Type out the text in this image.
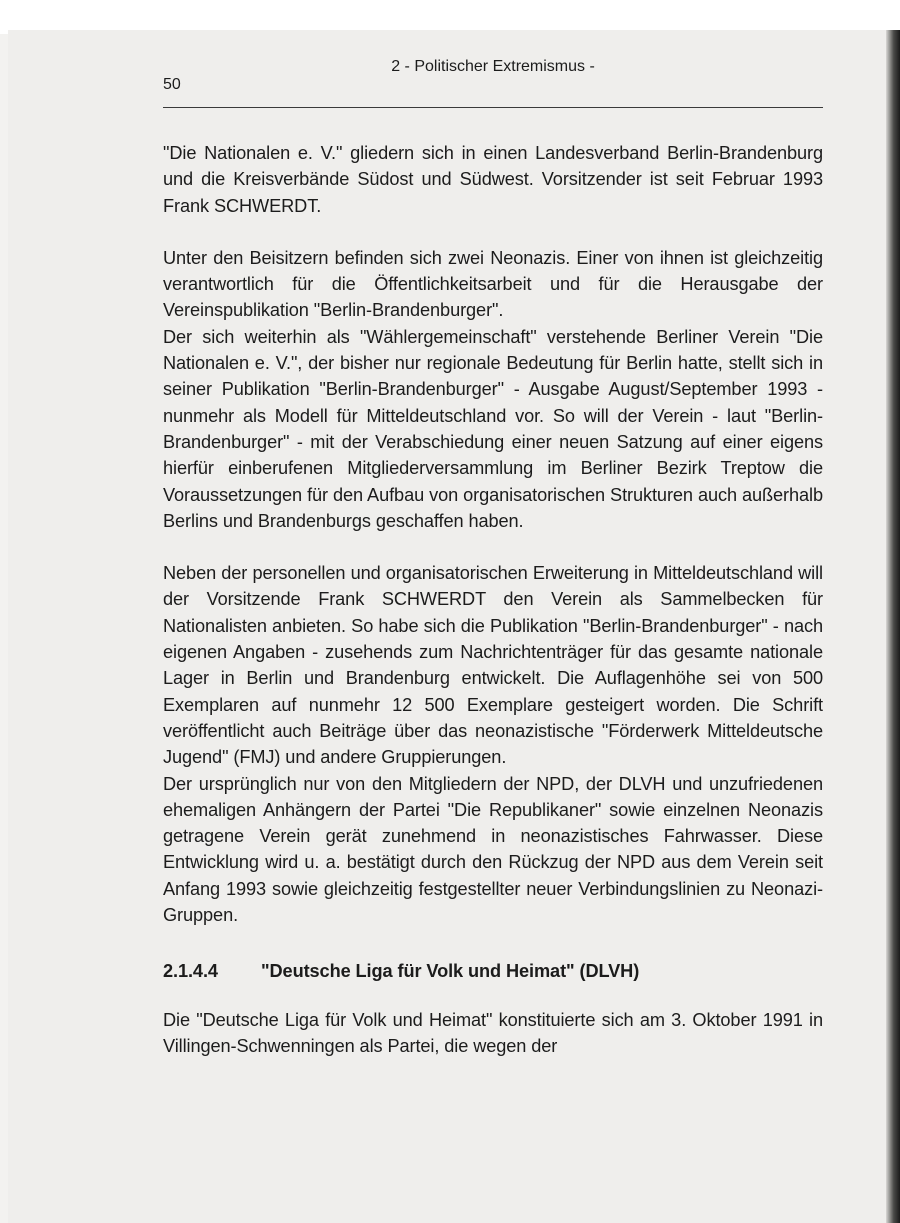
50
2 - Politischer Extremismus -

"Die Nationalen e. V." gliedern sich in einen Landesverband Berlin-Brandenburg und die Kreisverbände Südost und Südwest. Vorsitzender ist seit Februar 1993 Frank SCHWERDT.

Unter den Beisitzern befinden sich zwei Neonazis. Einer von ihnen ist gleichzeitig verantwortlich für die Öffentlichkeitsarbeit und für die Herausgabe der Vereinspublikation "Berlin-Brandenburger".

Der sich weiterhin als "Wählergemeinschaft" verstehende Berliner Verein "Die Nationalen e. V.", der bisher nur regionale Bedeutung für Berlin hatte, stellt sich in seiner Publikation "Berlin-Brandenburger" - Ausgabe August/September 1993 - nunmehr als Modell für Mitteldeutschland vor. So will der Verein - laut "Berlin-Brandenburger" - mit der Verabschiedung einer neuen Satzung auf einer eigens hierfür einberufenen Mitgliederversammlung im Berliner Bezirk Treptow die Voraussetzungen für den Aufbau von organisatorischen Strukturen auch außerhalb Berlins und Brandenburgs geschaffen haben.

Neben der personellen und organisatorischen Erweiterung in Mitteldeutschland will der Vorsitzende Frank SCHWERDT den Verein als Sammelbecken für Nationalisten anbieten. So habe sich die Publikation "Berlin-Brandenburger" - nach eigenen Angaben - zusehends zum Nachrichtenträger für das gesamte nationale Lager in Berlin und Brandenburg entwickelt. Die Auflagenhöhe sei von 500 Exemplaren auf nunmehr 12 500 Exemplare gesteigert worden. Die Schrift veröffentlicht auch Beiträge über das neonazistische "Förderwerk Mitteldeutsche Jugend" (FMJ) und andere Gruppierungen.

Der ursprünglich nur von den Mitgliedern der NPD, der DLVH und unzufriedenen ehemaligen Anhängern der Partei "Die Republikaner" sowie einzelnen Neonazis getragene Verein gerät zunehmend in neonazistisches Fahrwasser. Diese Entwicklung wird u. a. bestätigt durch den Rückzug der NPD aus dem Verein seit Anfang 1993 sowie gleichzeitig festgestellter neuer Verbindungslinien zu Neonazi-Gruppen.

2.1.4.4	"Deutsche Liga für Volk und Heimat" (DLVH)

Die "Deutsche Liga für Volk und Heimat" konstituierte sich am 3. Oktober 1991 in Villingen-Schwenningen als Partei, die wegen der
